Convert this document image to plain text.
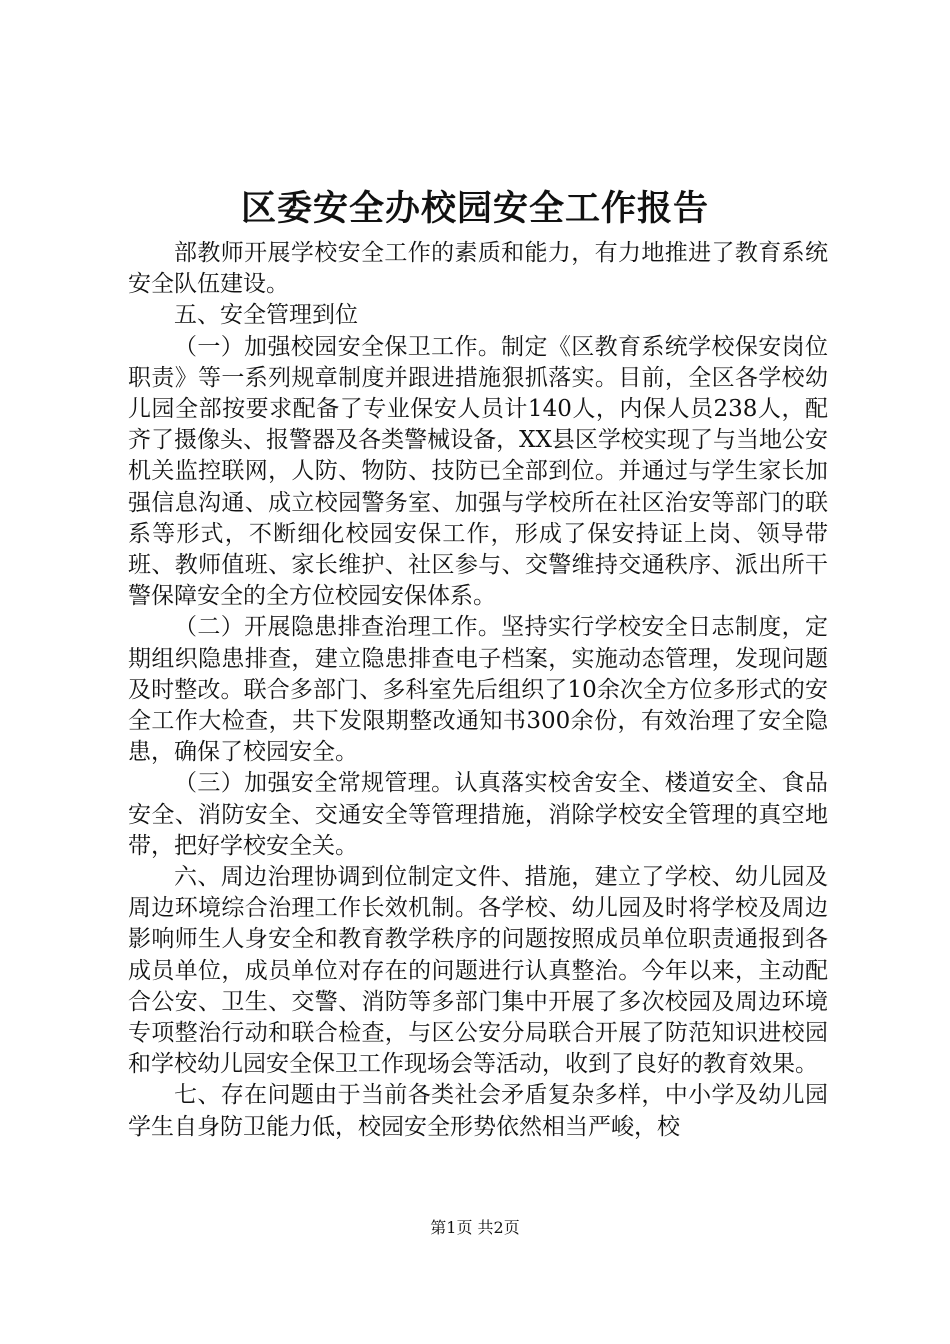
区委安全办校园安全工作报告

部教师开展学校安全工作的素质和能力，有力地推进了教育系统安全队伍建设。

五、安全管理到位

（一）加强校园安全保卫工作。制定《区教育系统学校保安岗位职责》等一系列规章制度并跟进措施狠抓落实。目前，全区各学校幼儿园全部按要求配备了专业保安人员计140人，内保人员238人，配齐了摄像头、报警器及各类警械设备，XX县区学校实现了与当地公安机关监控联网，人防、物防、技防已全部到位。并通过与学生家长加强信息沟通、成立校园警务室、加强与学校所在社区治安等部门的联系等形式，不断细化校园安保工作，形成了保安持证上岗、领导带班、教师值班、家长维护、社区参与、交警维持交通秩序、派出所干警保障安全的全方位校园安保体系。

（二）开展隐患排查治理工作。坚持实行学校安全日志制度，定期组织隐患排查，建立隐患排查电子档案，实施动态管理，发现问题及时整改。联合多部门、多科室先后组织了10余次全方位多形式的安全工作大检查，共下发限期整改通知书300余份，有效治理了安全隐患，确保了校园安全。

（三）加强安全常规管理。认真落实校舍安全、楼道安全、食品安全、消防安全、交通安全等管理措施，消除学校安全管理的真空地带，把好学校安全关。

六、周边治理协调到位制定文件、措施，建立了学校、幼儿园及周边环境综合治理工作长效机制。各学校、幼儿园及时将学校及周边影响师生人身安全和教育教学秩序的问题按照成员单位职责通报到各成员单位，成员单位对存在的问题进行认真整治。今年以来，主动配合公安、卫生、交警、消防等多部门集中开展了多次校园及周边环境专项整治行动和联合检查，与区公安分局联合开展了防范知识进校园和学校幼儿园安全保卫工作现场会等活动，收到了良好的教育效果。

七、存在问题由于当前各类社会矛盾复杂多样，中小学及幼儿园学生自身防卫能力低，校园安全形势依然相当严峻，校

第1页 共2页
